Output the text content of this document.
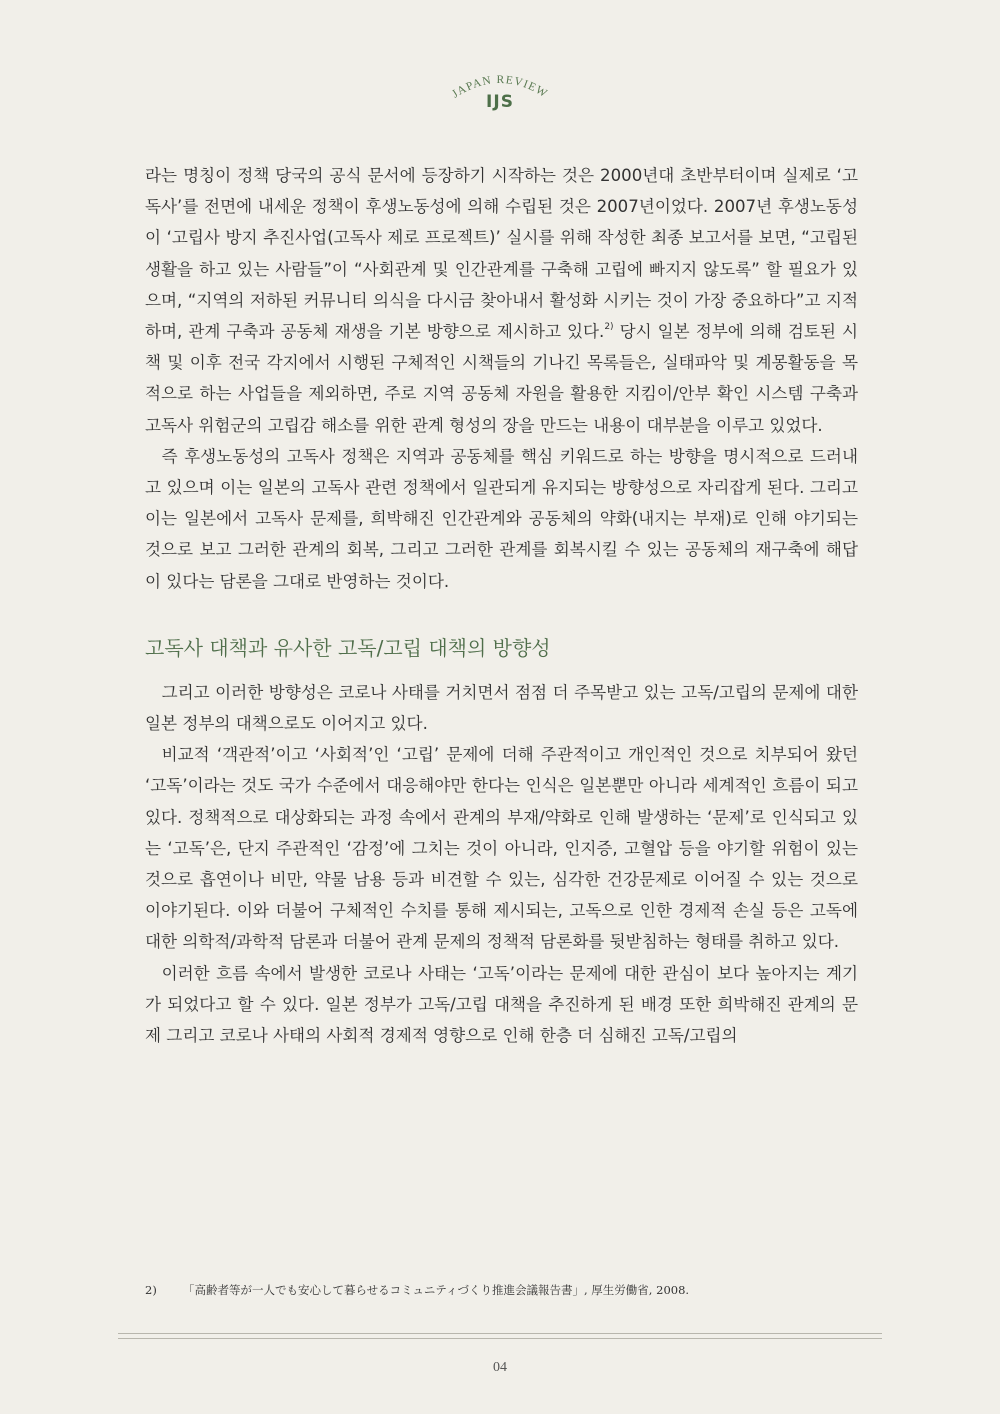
JAPAN REVIEW
IJS

라는 명칭이 정책 당국의 공식 문서에 등장하기 시작하는 것은 2000년대 초반부터이며 실제로 ‘고독사’를 전면에 내세운 정책이 후생노동성에 의해 수립된 것은 2007년이었다. 2007년 후생노동성이 ‘고립사 방지 추진사업(고독사 제로 프로젝트)’ 실시를 위해 작성한 최종 보고서를 보면, “고립된 생활을 하고 있는 사람들”이 “사회관계 및 인간관계를 구축해 고립에 빠지지 않도록” 할 필요가 있으며, “지역의 저하된 커뮤니티 의식을 다시금 찾아내서 활성화 시키는 것이 가장 중요하다”고 지적하며, 관계 구축과 공동체 재생을 기본 방향으로 제시하고 있다.$^{2)}$ 당시 일본 정부에 의해 검토된 시책 및 이후 전국 각지에서 시행된 구체적인 시책들의 기나긴 목록들은, 실태파악 및 계몽활동을 목적으로 하는 사업들을 제외하면, 주로 지역 공동체 자원을 활용한 지킴이/안부 확인 시스템 구축과 고독사 위험군의 고립감 해소를 위한 관계 형성의 장을 만드는 내용이 대부분을 이루고 있었다.

즉 후생노동성의 고독사 정책은 지역과 공동체를 핵심 키워드로 하는 방향을 명시적으로 드러내고 있으며 이는 일본의 고독사 관련 정책에서 일관되게 유지되는 방향성으로 자리잡게 된다. 그리고 이는 일본에서 고독사 문제를, 희박해진 인간관계와 공동체의 약화(내지는 부재)로 인해 야기되는 것으로 보고 그러한 관계의 회복, 그리고 그러한 관계를 회복시킬 수 있는 공동체의 재구축에 해답이 있다는 담론을 그대로 반영하는 것이다.

고독사 대책과 유사한 고독/고립 대책의 방향성

그리고 이러한 방향성은 코로나 사태를 거치면서 점점 더 주목받고 있는 고독/고립의 문제에 대한 일본 정부의 대책으로도 이어지고 있다.

비교적 ‘객관적’이고 ‘사회적’인 ‘고립’ 문제에 더해 주관적이고 개인적인 것으로 치부되어 왔던 ‘고독’이라는 것도 국가 수준에서 대응해야만 한다는 인식은 일본뿐만 아니라 세계적인 흐름이 되고 있다. 정책적으로 대상화되는 과정 속에서 관계의 부재/약화로 인해 발생하는 ‘문제’로 인식되고 있는 ‘고독’은, 단지 주관적인 ‘감정’에 그치는 것이 아니라, 인지증, 고혈압 등을 야기할 위험이 있는 것으로 흡연이나 비만, 약물 남용 등과 비견할 수 있는, 심각한 건강문제로 이어질 수 있는 것으로 이야기된다. 이와 더불어 구체적인 수치를 통해 제시되는, 고독으로 인한 경제적 손실 등은 고독에 대한 의학적/과학적 담론과 더불어 관계 문제의 정책적 담론화를 뒷받침하는 형태를 취하고 있다.

이러한 흐름 속에서 발생한 코로나 사태는 ‘고독’이라는 문제에 대한 관심이 보다 높아지는 계기가 되었다고 할 수 있다. 일본 정부가 고독/고립 대책을 추진하게 된 배경 또한 희박해진 관계의 문제 그리고 코로나 사태의 사회적 경제적 영향으로 인해 한층 더 심해진 고독/고립의

2) 「高齢者等が一人でも安心して暮らせるコミュニティづくり推進会議報告書」, 厚生労働省, 2008.
04
